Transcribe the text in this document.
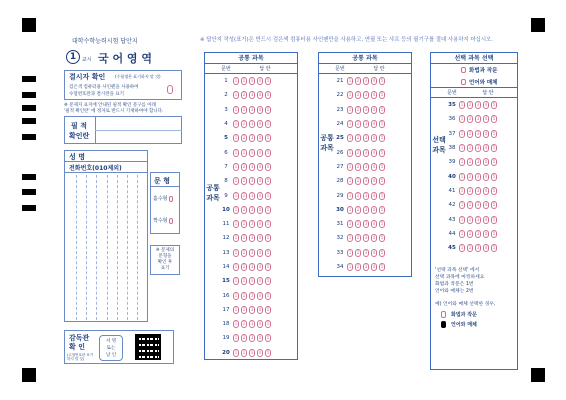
대학수학능력시험 답안지
1	교시 국 어 영 역
※ 답안지 작성(표기)은 반드시 검은색 컴퓨터용 사인펜만을 사용하고, 연필 또는 샤프 등의 필기구를 절대 사용하지 마십시오.
결시자 확인 (수험생은 표기하지 말 것)
검은색 컴퓨터용 사인펜을 사용하여
수험번호란과 결시란을 표기
※ 문제지 표지에 안내된 필적 확인 문구를 아래
'필적 확인란' 에 정자로 반드시 기재하여야 합니다.
필 적
확인란
성 명
전화번호(010제외)
문 형
홀수형
짝수형
※ 문제의
문형을
확인 후
표기
감독관
확 인
(수험번호란 표기 하지 말 것)
서 명
또는
날 인
공통 과목
문번	답 란
1	1	2	3	4	5
2	1	2	3	4	5
3	1	2	3	4	5
4	1	2	3	4	5
5	1	2	3	4	5
6	1	2	3	4	5
7	1	2	3	4	5
8	1	2	3	4	5
9	1	2	3	4	5
10	1	2	3	4	5
11	1	2	3	4	5
12	1	2	3	4	5
13	1	2	3	4	5
14	1	2	3	4	5
15	1	2	3	4	5
16	1	2	3	4	5
17	1	2	3	4	5
18	1	2	3	4	5
19	1	2	3	4	5
20	1	2	3	4	5
공통과목
공통 과목
문번	답 란
21	1	2	3	4	5
22	1	2	3	4	5
23	1	2	3	4	5
24	1	2	3	4	5
25	1	2	3	4	5
26	1	2	3	4	5
27	1	2	3	4	5
28	1	2	3	4	5
29	1	2	3	4	5
30	1	2	3	4	5
31	1	2	3	4	5
32	1	2	3	4	5
33	1	2	3	4	5
34	1	2	3	4	5
공통과목
선택 과목 선택
화법과 작문
언어와 매체
문번	답 란
35	1	2	3	4	5
36	1	2	3	4	5
37	1	2	3	4	5
38	1	2	3	4	5
39	1	2	3	4	5
40	1	2	3	4	5
41	1	2	3	4	5
42	1	2	3	4	5
43	1	2	3	4	5
44	1	2	3	4	5
45	1	2	3	4	5
선택과목
'선택 과목 선택' 에서
선택 과목에 마킹하세요
화법과 작문은 1번
언어와 매체는 2번
예) 언어와 매체 선택한 경우,
화법과 작문
언어와 매체
